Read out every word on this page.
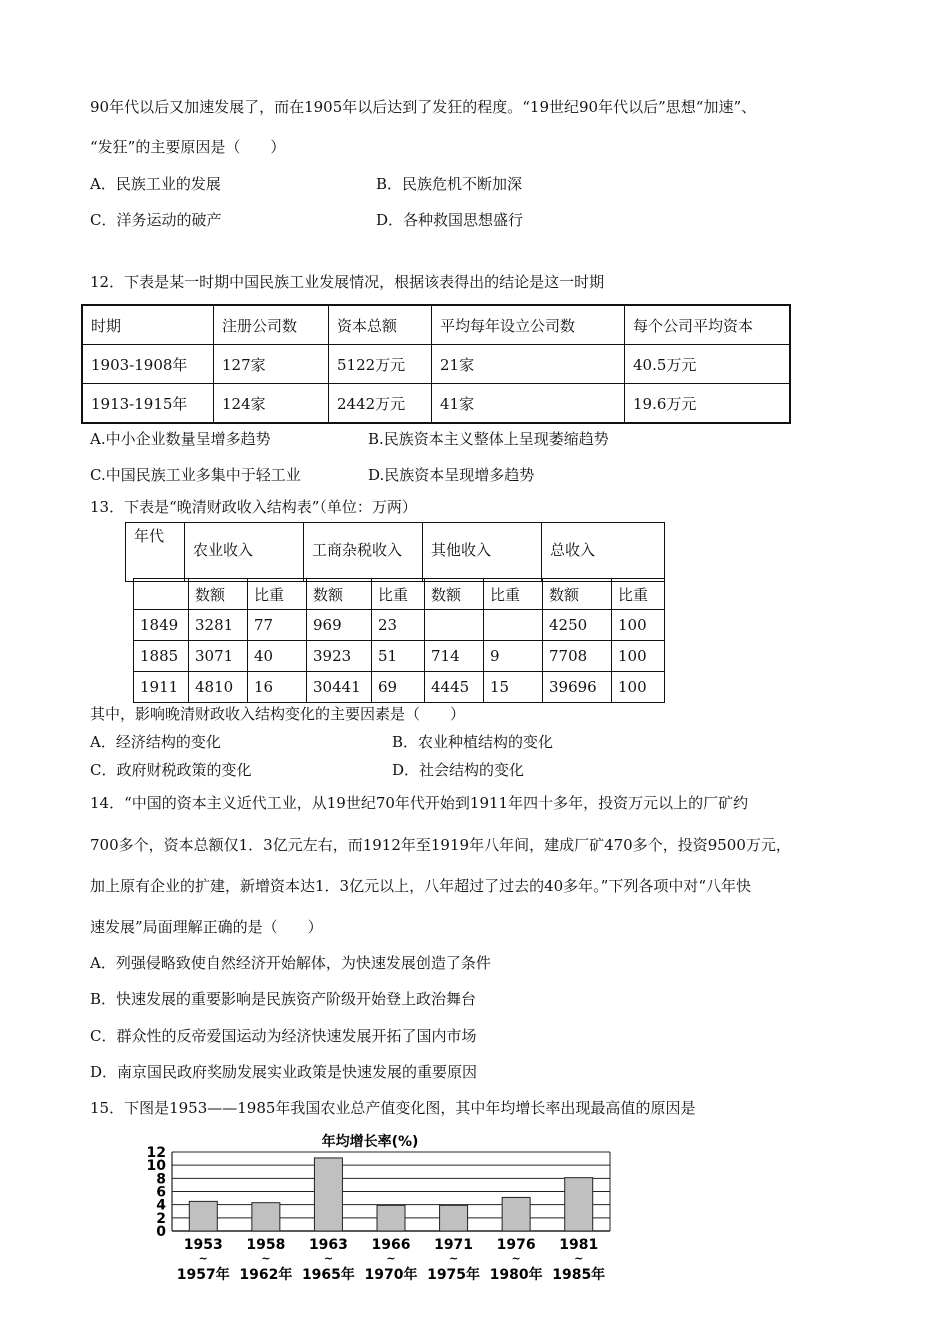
90年代以后又加速发展了，而在1905年以后达到了发狂的程度。“19世纪90年代以后”思想“加速”、
“发狂”的主要原因是（　　）
A．民族工业的发展	B．民族危机不断加深
C．洋务运动的破产	D．各种救国思想盛行
12．下表是某一时期中国民族工业发展情况，根据该表得出的结论是这一时期
时期	注册公司数	资本总额	平均每年设立公司数	每个公司平均资本
1903-1908年	127家	5122万元	21家	40.5万元
1913-1915年	124家	2442万元	41家	19.6万元
A.中小企业数量呈增多趋势	B.民族资本主义整体上呈现萎缩趋势
C.中国民族工业多集中于轻工业	D.民族资本呈现增多趋势
13．下表是“晚清财政收入结构表”（单位：万两）
年代	农业收入	工商杂税收入	其他收入	总收入
	数额	比重	数额	比重	数额	比重	数额	比重
1849	3281	77	969	23			4250	100
1885	3071	40	3923	51	714	9	7708	100
1911	4810	16	30441	69	4445	15	39696	100
其中，影响晚清财政收入结构变化的主要因素是（　　）
A．经济结构的变化	B．农业种植结构的变化
C．政府财税政策的变化	D．社会结构的变化
14．“中国的资本主义近代工业，从19世纪70年代开始到1911年四十多年，投资万元以上的厂矿约
700多个，资本总额仅1．3亿元左右，而1912年至1919年八年间，建成厂矿470多个，投资9500万元，
加上原有企业的扩建，新增资本达1．3亿元以上，八年超过了过去的40多年。”下列各项中对“八年快
速发展”局面理解正确的是（　　）
A．列强侵略致使自然经济开始解体，为快速发展创造了条件
B．快速发展的重要影响是民族资产阶级开始登上政治舞台
C．群众性的反帝爱国运动为经济快速发展开拓了国内市场
D．南京国民政府奖励发展实业政策是快速发展的重要原因
15．下图是1953——1985年我国农业总产值变化图，其中年均增长率出现最高值的原因是
年均增长率(%)
12
10
8
6
4
2
0
1953
~
1957年
1958
~
1962年
1963
~
1965年
1966
~
1970年
1971
~
1975年
1976
~
1980年
1981
~
1985年
